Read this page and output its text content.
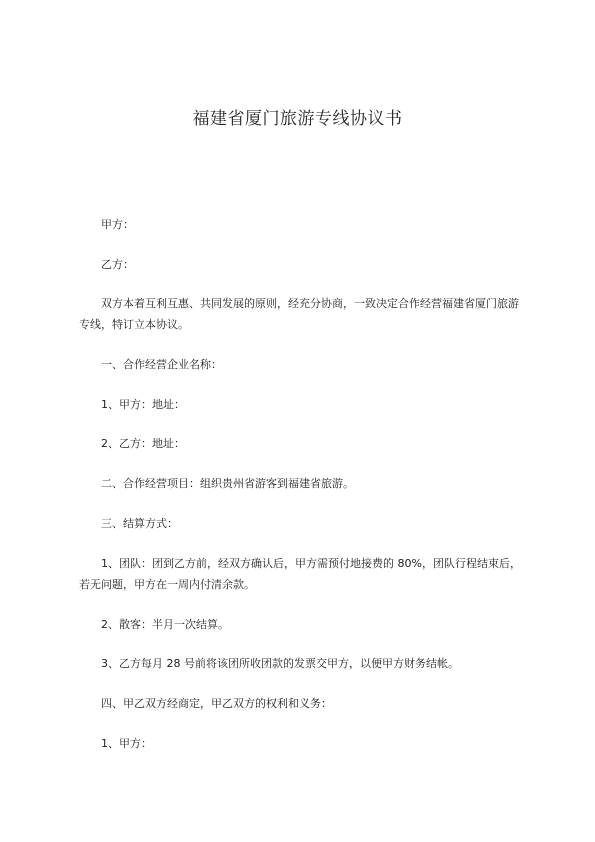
福建省厦门旅游专线协议书

甲方：

乙方：

双方本着互利互惠、共同发展的原则，经充分协商，一致决定合作经营福建省厦门旅游专线，特订立本协议。

一、合作经营企业名称：

1、甲方：地址：

2、乙方：地址：

二、合作经营项目：组织贵州省游客到福建省旅游。

三、结算方式：

1、团队：团到乙方前，经双方确认后，甲方需预付地接费的 80%，团队行程结束后，若无问题，甲方在一周内付清余款。

2、散客：半月一次结算。

3、乙方每月 28 号前将该团所收团款的发票交甲方，以便甲方财务结帐。

四、甲乙双方经商定，甲乙双方的权利和义务：

1、甲方：
